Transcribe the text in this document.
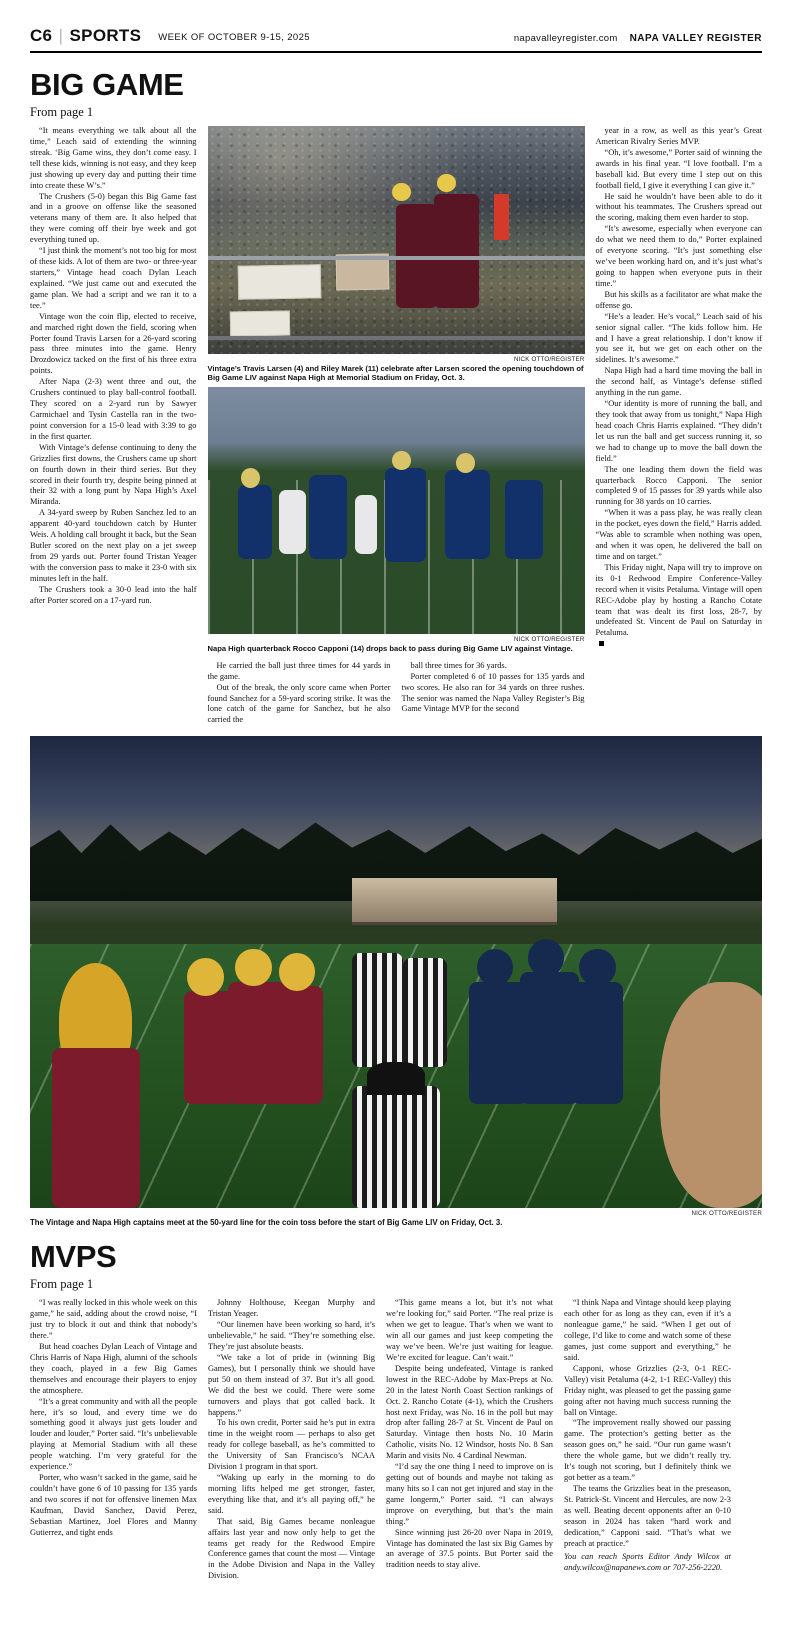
C6 | SPORTS WEEK OF OCTOBER 9-15, 2025	napavalleyregister.com NAPA VALLEY REGISTER
BIG GAME
From page 1

“It means everything we talk about all the time,” Leach said of extending the winning streak. ‘Big Game wins, they don’t come easy. I tell these kids, winning is not easy, and they keep just showing up every day and putting their time into create these W’s.”

The Crushers (5-0) began this Big Game fast and in a groove on offense like the seasoned veterans many of them are. It also helped that they were coming off their bye week and got everything tuned up.

“I just think the moment’s not too big for most of these kids. A lot of them are two- or three-year starters,” Vintage head coach Dylan Leach explained. “We just came out and executed the game plan. We had a script and we ran it to a tee.”

Vintage won the coin flip, elected to receive, and marched right down the field, scoring when Porter found Travis Larsen for a 26-yard scoring pass three minutes into the game. Henry Drozdowicz tacked on the first of his three extra points.

After Napa (2-3) went three and out, the Crushers continued to play ball-control football. They scored on a 2-yard run by Sawyer Carmichael and Tysin Castella ran in the two-point conversion for a 15-0 lead with 3:39 to go in the first quarter.

With Vintage’s defense continuing to deny the Grizzlies first downs, the Crushers came up short on fourth down in their third series. But they scored in their fourth try, despite being pinned at their 32 with a long punt by Napa High’s Axel Miranda.

A 34-yard sweep by Ruben Sanchez led to an apparent 40-yard touchdown catch by Hunter Weis. A holding call brought it back, but the Sean Butler scored on the next play on a jet sweep from 29 yards out. Porter found Tristan Yeager with the conversion pass to make it 23-0 with six minutes left in the half.

The Crushers took a 30-0 lead into the half after Porter scored on a 17-yard run.

NICK OTTO/REGISTER
Vintage’s Travis Larsen (4) and Riley Marek (11) celebrate after Larsen scored the opening touchdown of Big Game LIV against Napa High at Memorial Stadium on Friday, Oct. 3.
NICK OTTO/REGISTER
Napa High quarterback Rocco Capponi (14) drops back to pass during Big Game LIV against Vintage.

He carried the ball just three times for 44 yards in the game.

Out of the break, the only score came when Porter found Sanchez for a 59-yard scoring strike. It was the lone catch of the game for Sanchez, but he also carried the

ball three times for 36 yards.

Porter completed 6 of 10 passes for 135 yards and two scores. He also ran for 34 yards on three rushes. The senior was named the Napa Valley Register’s Big Game Vintage MVP for the second

year in a row, as well as this year’s Great American Rivalry Series MVP.

“Oh, it’s awesome,” Porter said of winning the awards in his final year. “I love football. I’m a baseball kid. But every time I step out on this football field, I give it everything I can give it.”

He said he wouldn’t have been able to do it without his teammates. The Crushers spread out the scoring, making them even harder to stop.

“It’s awesome, especially when everyone can do what we need them to do,” Porter explained of everyone scoring. “It’s just something else we’ve been working hard on, and it’s just what’s going to happen when everyone puts in their time.”

But his skills as a facilitator are what make the offense go.

“He’s a leader. He’s vocal,” Leach said of his senior signal caller. “The kids follow him. He and I have a great relationship. I don’t know if you see it, but we get on each other on the sidelines. It’s awesome.”

Napa High had a hard time moving the ball in the second half, as Vintage’s defense stifled anything in the run game.

“Our identity is more of running the ball, and they took that away from us tonight,” Napa High head coach Chris Harris explained. “They didn’t let us run the ball and get success running it, so we had to change up to move the ball down the field.”

The one leading them down the field was quarterback Rocco Capponi. The senior completed 9 of 15 passes for 39 yards while also running for 38 yards on 10 carries.

“When it was a pass play, he was really clean in the pocket, eyes down the field,” Harris added. “Was able to scramble when nothing was open, and when it was open, he delivered the ball on time and on target.”

This Friday night, Napa will try to improve on its 0-1 Redwood Empire Conference-Valley record when it visits Petaluma. Vintage will open REC-Adobe play by hosting a Rancho Cotate team that was dealt its first loss, 28-7, by undefeated St. Vincent de Paul on Saturday in Petaluma.

NICK OTTO/REGISTER
The Vintage and Napa High captains meet at the 50-yard line for the coin toss before the start of Big Game LIV on Friday, Oct. 3.
MVPS
From page 1

“I was really locked in this whole week on this game,” he said, adding about the crowd noise, “I just try to block it out and think that nobody’s there.”

But head coaches Dylan Leach of Vintage and Chris Harris of Napa High, alumni of the schools they coach, played in a few Big Games themselves and encourage their players to enjoy the atmosphere.

“It’s a great community and with all the people here, it’s so loud, and every time we do something good it always just gets louder and louder and louder,” Porter said. “It’s unbelievable playing at Memorial Stadium with all these people watching. I’m very grateful for the experience.”

Porter, who wasn’t sacked in the game, said he couldn’t have gone 6 of 10 passing for 135 yards and two scores if not for offensive linemen Max Kaufman, David Sanchez, David Perez, Sebastian Martinez, Joel Flores and Manny Gutierrez, and tight ends

Johnny Holthouse, Keegan Murphy and Tristan Yeager.

“Our linemen have been working so hard, it’s unbelievable,” he said. “They’re something else. They’re just absolute beasts.

“We take a lot of pride in (winning Big Games), but I personally think we should have put 50 on them instead of 37. But it’s all good. We did the best we could. There were some turnovers and plays that got called back. It happens.”

To his own credit, Porter said he’s put in extra time in the weight room — perhaps to also get ready for college baseball, as he’s committed to the University of San Francisco’s NCAA Division 1 program in that sport.

“Waking up early in the morning to do morning lifts helped me get stronger, faster, everything like that, and it’s all paying off,” he said.

That said, Big Games became nonleague affairs last year and now only help to get the teams get ready for the Redwood Empire Conference games that count the most — Vintage in the Adobe Division and Napa in the Valley Division.

“This game means a lot, but it’s not what we’re looking for,” said Porter. “The real prize is when we get to league. That’s when we want to win all our games and just keep competing the way we’ve been. We’re just waiting for league. We’re excited for league. Can’t wait.”

Despite being undefeated, Vintage is ranked lowest in the REC-Adobe by Max-Preps at No. 20 in the latest North Coast Section rankings of Oct. 2. Rancho Cotate (4-1), which the Crushers host next Friday, was No. 16 in the poll but may drop after falling 28-7 at St. Vincent de Paul on Saturday. Vintage then hosts No. 10 Marin Catholic, visits No. 12 Windsor, hosts No. 8 San Marin and visits No. 4 Cardinal Newman.

“I’d say the one thing I need to improve on is getting out of bounds and maybe not taking as many hits so I can not get injured and stay in the game longerm,” Porter said. “I can always improve on everything, but that’s the main thing.”

Since winning just 26-20 over Napa in 2019, Vintage has dominated the last six Big Games by an average of 37.5 points. But Porter said the tradition needs to stay alive.

“I think Napa and Vintage should keep playing each other for as long as they can, even if it’s a nonleague game,” he said. “When I get out of college, I’d like to come and watch some of these games, just come support and everything,” he said.

Capponi, whose Grizzlies (2-3, 0-1 REC-Valley) visit Petaluma (4-2, 1-1 REC-Valley) this Friday night, was pleased to get the passing game going after not having much success running the ball on Vintage.

“The improvement really showed our passing game. The protection’s getting better as the season goes on,” he said. “Our run game wasn’t there the whole game, but we didn’t really try. It’s tough not scoring, but I definitely think we got better as a team.”

The teams the Grizzlies beat in the preseason, St. Patrick-St. Vincent and Hercules, are now 2-3 as well. Beating decent opponents after an 0-10 season in 2024 has taken “hard work and dedication,” Capponi said. “That’s what we preach at practice.”

You can reach Sports Editor Andy Wilcox at andy.wilcox@napanews.com or 707-256-2220.
